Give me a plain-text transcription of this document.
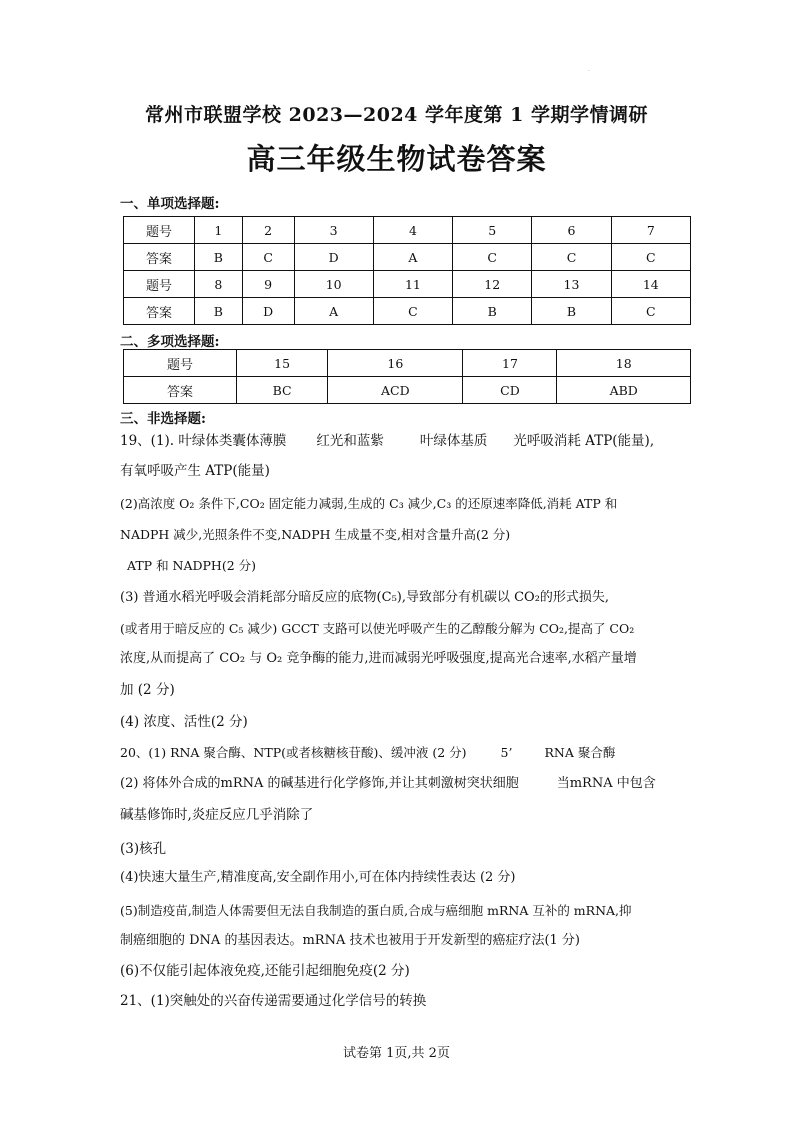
.
常州市联盟学校 2023—2024 学年度第 1 学期学情调研
高三年级生物试卷答案
一、单项选择题:
题号	1	2	3	4	5	6	7
答案	B	C	D	A	C	C	C
题号	8	9	10	11	12	13	14
答案	B	D	A	C	B	B	C
二、多项选择题:
题号	15	16	17	18
答案	BC	ACD	CD	ABD
三、非选择题:
19、(1). 叶绿体类囊体薄膜 红光和蓝紫	叶绿体基质 光呼吸消耗 ATP(能量),
有氧呼吸产生 ATP(能量)
(2)高浓度 O₂ 条件下,CO₂ 固定能力减弱,生成的 C₃ 减少,C₃ 的还原速率降低,消耗 ATP 和
NADPH 减少,光照条件不变,NADPH 生成量不变,相对含量升高(2 分)
ATP 和 NADPH(2 分)
(3) 普通水稻光呼吸会消耗部分暗反应的底物(C₅),导致部分有机碳以 CO₂的形式损失,
(或者用于暗反应的 C₅ 减少) GCCT 支路可以使光呼吸产生的乙醇酸分解为 CO₂,提高了 CO₂
浓度,从而提高了 CO₂ 与 O₂ 竞争酶的能力,进而减弱光呼吸强度,提高光合速率,水稻产量增
加 (2 分)
(4) 浓度、活性(2 分)
20、(1) RNA 聚合酶、NTP(或者核糖核苷酸)、缓冲液 (2 分)	5’	RNA 聚合酶
(2) 将体外合成的mRNA 的碱基进行化学修饰,并让其刺激树突状细胞	当mRNA 中包含
碱基修饰时,炎症反应几乎消除了
(3)核孔
(4)快速大量生产,精准度高,安全副作用小,可在体内持续性表达 (2 分)
(5)制造疫苗,制造人体需要但无法自我制造的蛋白质,合成与癌细胞 mRNA 互补的 mRNA,抑
制癌细胞的 DNA 的基因表达。mRNA 技术也被用于开发新型的癌症疗法(1 分)
(6)不仅能引起体液免疫,还能引起细胞免疫(2 分)
21、(1)突触处的兴奋传递需要通过化学信号的转换
试卷第 1页,共 2页
